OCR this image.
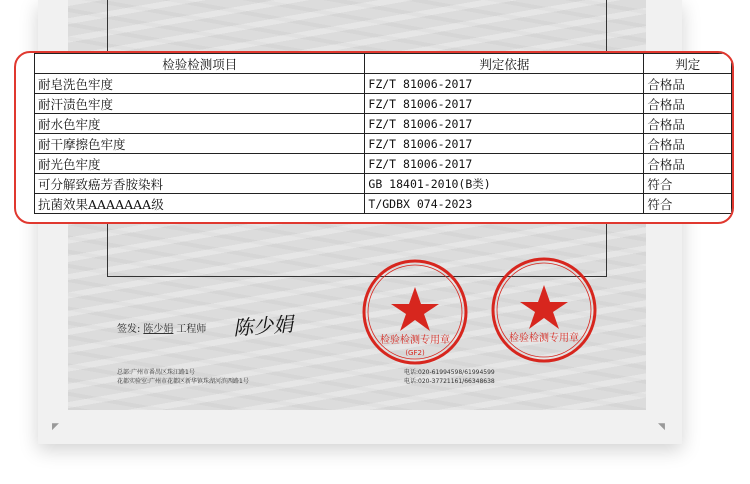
◤	◥
签发: 陈少娟 工程师 陈少娟
总部:广州市番禺区珠江路1号
花都实验室:广州市花都区新华镇珠湖河滨西路1号
电话:020-61994598/61994599
电话:020-37721161/66348638
检验检测专用章
(GF2)
检验检测专用章
检验检测项目	判定依据	判定
耐皂洗色牢度	FZ/T 81006-2017	合格品
耐汗渍色牢度	FZ/T 81006-2017	合格品
耐水色牢度	FZ/T 81006-2017	合格品
耐干摩擦色牢度	FZ/T 81006-2017	合格品
耐光色牢度	FZ/T 81006-2017	合格品
可分解致癌芳香胺染料	GB 18401-2010(B类)	符合
抗菌效果AAAAAAA级	T/GDBX 074-2023	符合
